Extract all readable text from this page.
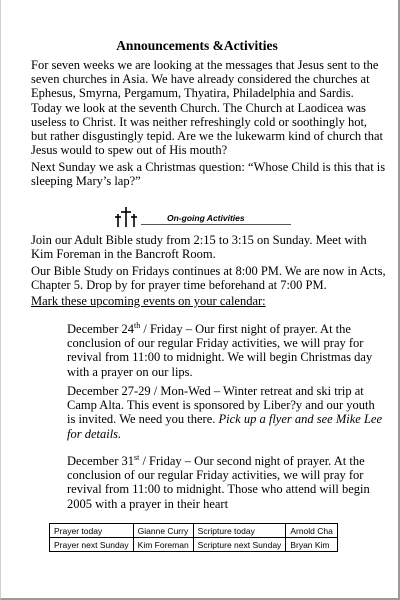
Announcements &Activities
For seven weeks we are looking at the messages that Jesus sent to the seven churches in Asia. We have already considered the churches at Ephesus, Smyrna, Pergamum, Thyatira, Philadelphia and Sardis. Today we look at the seventh Church. The Church at Laodicea was useless to Christ. It was neither refreshingly cold or soothingly hot, but rather disgustingly tepid. Are we the lukewarm kind of church that Jesus would to spew out of His mouth?
Next Sunday we ask a Christmas question: “Whose Child is this that is sleeping Mary’s lap?”
On-going Activities
Join our Adult Bible study from 2:15 to 3:15 on Sunday. Meet with Kim Foreman in the Bancroft Room.
Our Bible Study on Fridays continues at 8:00 PM. We are now in Acts, Chapter 5. Drop by for prayer time beforehand at 7:00 PM.
Mark these upcoming events on your calendar:
December 24th / Friday – Our first night of prayer. At the conclusion of our regular Friday activities, we will pray for revival from 11:00 to midnight. We will begin Christmas day with a prayer on our lips.
December 27-29 / Mon-Wed – Winter retreat and ski trip at Camp Alta. This event is sponsored by Liber?y and our youth is invited. We need you there. Pick up a flyer and see Mike Lee for details.
December 31st / Friday – Our second night of prayer. At the conclusion of our regular Friday activities, we will pray for revival from 11:00 to midnight. Those who attend will begin 2005 with a prayer in their heart
Prayer today	Gianne Curry	Scripture today	Arnold Cha
Prayer next Sunday	Kim Foreman	Scripture next Sunday	Bryan Kim
